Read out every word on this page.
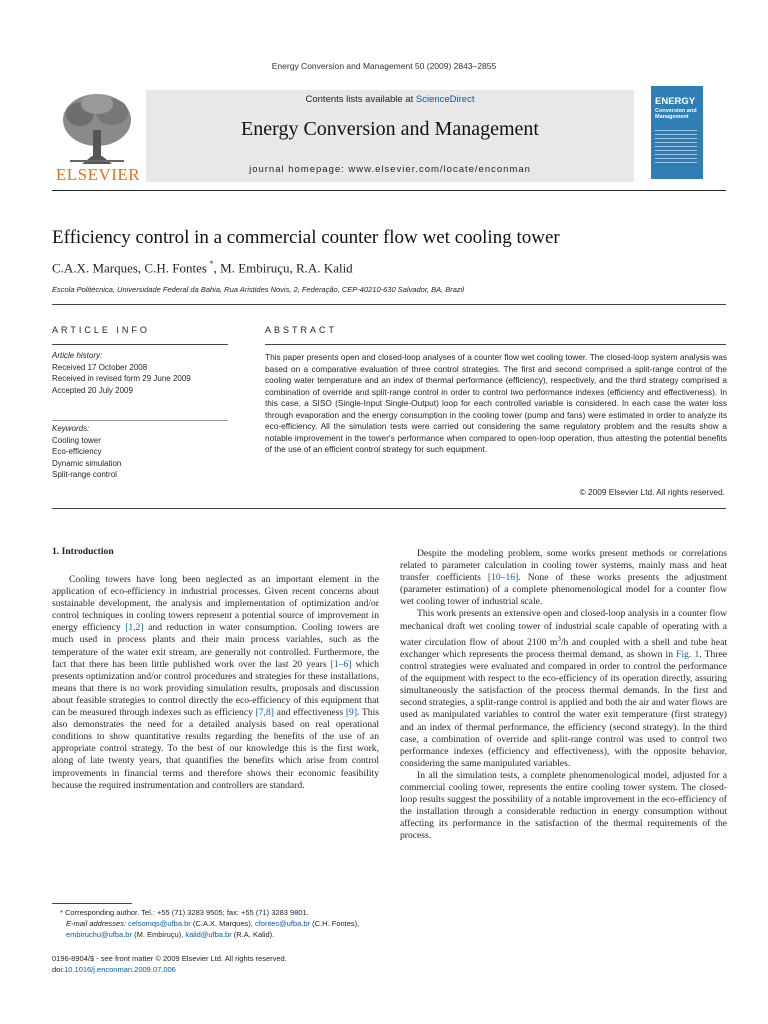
Energy Conversion and Management 50 (2009) 2843–2855
ELSEVIER
Contents lists available at ScienceDirect
Energy Conversion and Management
journal homepage: www.elsevier.com/locate/enconman
ENERGY
Conversion and Management
Efficiency control in a commercial counter flow wet cooling tower
C.A.X. Marques, C.H. Fontes *, M. Embiruçu, R.A. Kalid
Escola Politécnica, Universidade Federal da Bahia, Rua Aristides Novis, 2, Federação, CEP-40210-630 Salvador, BA, Brazil
ARTICLE INFO
Article history:
Received 17 October 2008
Received in revised form 29 June 2009
Accepted 20 July 2009
Keywords:
Cooling tower
Eco-efficiency
Dynamic simulation
Split-range control
ABSTRACT
This paper presents open and closed-loop analyses of a counter flow wet cooling tower. The closed-loop system analysis was based on a comparative evaluation of three control strategies. The first and second comprised a split-range control of the cooling water temperature and an index of thermal performance (efficiency), respectively, and the third strategy comprised a combination of override and split-range control in order to control two performance indexes (efficiency and effectiveness). In this case, a SISO (Single-Input Single-Output) loop for each controlled variable is considered. In each case the water loss through evaporation and the energy consumption in the cooling tower (pump and fans) were estimated in order to analyze its eco-efficiency. All the simulation tests were carried out considering the same regulatory problem and the results show a notable improvement in the tower's performance when compared to open-loop operation, thus attesting the potential benefits of the use of an efficient control strategy for such equipment.
© 2009 Elsevier Ltd. All rights reserved.
1. Introduction

Cooling towers have long been neglected as an important element in the application of eco-efficiency in industrial processes. Given recent concerns about sustainable development, the analysis and implementation of optimization and/or control techniques in cooling towers represent a potential source of improvement in energy efficiency [1,2] and reduction in water consumption. Cooling towers are much used in process plants and their main process variables, such as the temperature of the water exit stream, are generally not controlled. Furthermore, the fact that there has been little published work over the last 20 years [1–6] which presents optimization and/or control procedures and strategies for these installations, means that there is no work providing simulation results, proposals and discussion about feasible strategies to control directly the eco-efficiency of this equipment that can be measured through indexes such as efficiency [7,8] and effectiveness [9]. This also demonstrates the need for a detailed analysis based on real operational conditions to show quantitative results regarding the benefits of the use of an appropriate control strategy. To the best of our knowledge this is the first work, along of late twenty years, that quantifies the benefits which arise from control improvements in financial terms and therefore shows their economic feasibility because the required instrumentation and controllers are standard.

Despite the modeling problem, some works present methods or correlations related to parameter calculation in cooling tower systems, mainly mass and heat transfer coefficients [10–16]. None of these works presents the adjustment (parameter estimation) of a complete phenomenological model for a counter flow wet cooling tower of industrial scale.

This work presents an extensive open and closed-loop analysis in a counter flow mechanical draft wet cooling tower of industrial scale capable of operating with a water circulation flow of about 2100 $m^3/h$ and coupled with a shell and tube heat exchanger which represents the process thermal demand, as shown in Fig. 1. Three control strategies were evaluated and compared in order to control the performance of the equipment with respect to the eco-efficiency of its operation directly, assuring simultaneously the satisfaction of the process thermal demands. In the first and second strategies, a split-range control is applied and both the air and water flows are used as manipulated variables to control the water exit temperature (first strategy) and an index of thermal performance, the efficiency (second strategy). In the third case, a combination of override and split-range control was used to control two performance indexes (efficiency and effectiveness), with the opposite behavior, considering the same manipulated variables.

In all the simulation tests, a complete phenomenological model, adjusted for a commercial cooling tower, represents the entire cooling tower system. The closed-loop results suggest the possibility of a notable improvement in the eco-efficiency of the installation through a considerable reduction in energy consumption without affecting its performance in the satisfaction of the thermal requirements of the process.

* Corresponding author. Tel.: +55 (71) 3283 9505; fax: +55 (71) 3283 9801.
E-mail addresses: celsomqs@ufba.br (C.A.X. Marques), cfontes@ufba.br (C.H. Fontes), embiruchu@ufba.br (M. Embiruçu), kalid@ufba.br (R.A. Kalid).
0196-8904/$ - see front matter © 2009 Elsevier Ltd. All rights reserved.
doi:10.1016/j.enconman.2009.07.006
